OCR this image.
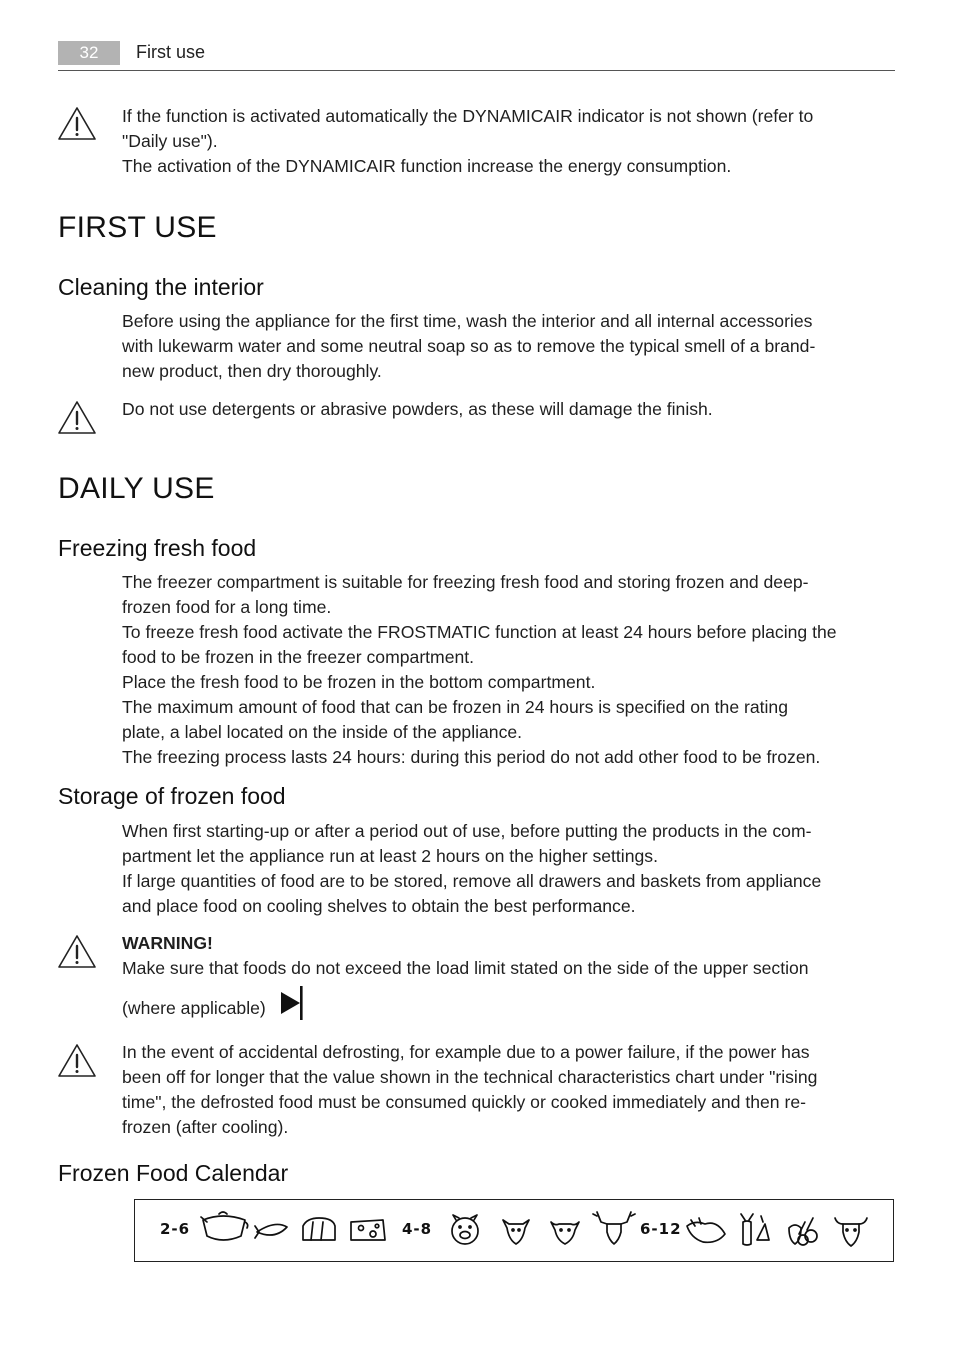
32	First use
If the function is activated automatically the DYNAMICAIR indicator is not shown (refer to
"Daily use").
The activation of the DYNAMICAIR function increase the energy consumption.
FIRST USE
Cleaning the interior
Before using the appliance for the first time, wash the interior and all internal accessories
with lukewarm water and some neutral soap so as to remove the typical smell of a brand-
new product, then dry thoroughly.
Do not use detergents or abrasive powders, as these will damage the finish.
DAILY USE
Freezing fresh food
The freezer compartment is suitable for freezing fresh food and storing frozen and deep-
frozen food for a long time.
To freeze fresh food activate the FROSTMATIC function at least 24 hours before placing the
food to be frozen in the freezer compartment.
Place the fresh food to be frozen in the bottom compartment.
The maximum amount of food that can be frozen in 24 hours is specified on the rating
plate, a label located on the inside of the appliance.
The freezing process lasts 24 hours: during this period do not add other food to be frozen.
Storage of frozen food
When first starting-up or after a period out of use, before putting the products in the com-
partment let the appliance run at least 2 hours on the higher settings.
If large quantities of food are to be stored, remove all drawers and baskets from appliance
and place food on cooling shelves to obtain the best performance.
WARNING!
Make sure that foods do not exceed the load limit stated on the side of the upper section
(where applicable)
In the event of accidental defrosting, for example due to a power failure, if the power has
been off for longer that the value shown in the technical characteristics chart under "rising
time", the defrosted food must be consumed quickly or cooked immediately and then re-
frozen (after cooling).
Frozen Food Calendar
2-6	4-8	6-12
